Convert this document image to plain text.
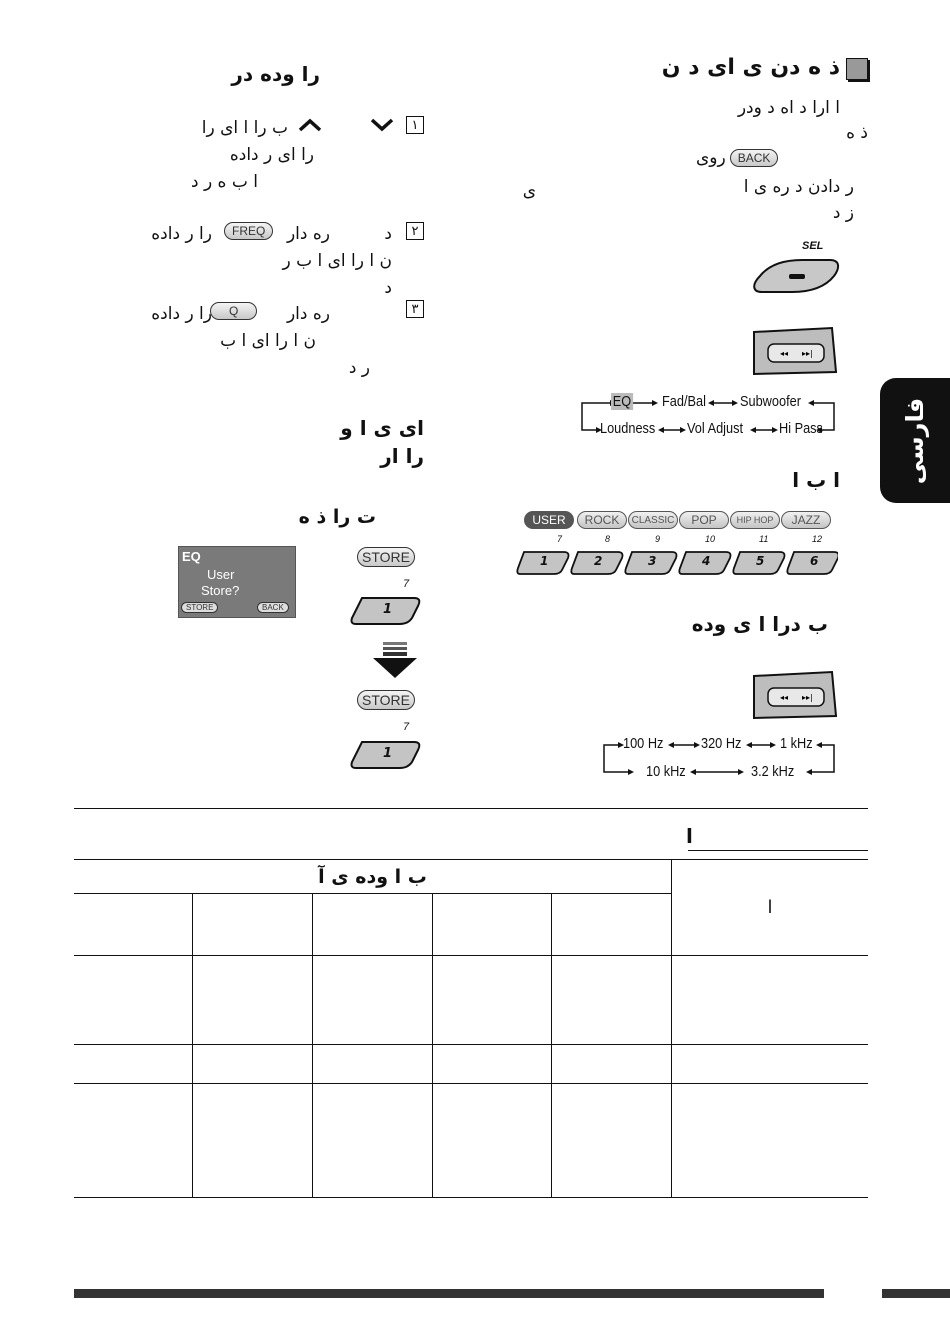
ذ ه دن ی ای د ن
ا ارا د اه د ودر
ذ ه
روی	BACK
ر دادن د ره ی ا
ی
ز د
SEL
◂◂ ▸▸|
EQ Fad/Bal Subwoofer
Loudness Vol Adjust Hi Pass
ا ب ا
USER	ROCK	CLASSIC	POP	HIP HOP	JAZZ
7	8	9	10	11	12
1	2	3	4	5	6
ب درا ا ی وده
◂◂ ▸▸|
100 Hz	320 Hz	1 kHz
3.2 kHz
10 kHz
فارسی
را وده در
١
ب را ا ای را
را ای ر داده
ا ب ه ر د
٢
د
ره دار
FREQ
را ر داده
ن ا را ای ا ب ر
د
٣
ره دار
Q
را ر داده
ن ا را ای ا ب
ر د
ای ی ا و
را ار
ت را ذ ه
EQ
User
Store?
STORE	BACK
STORE
7
1
STORE
7
1
ا
ب ا وده ی آ					ا
